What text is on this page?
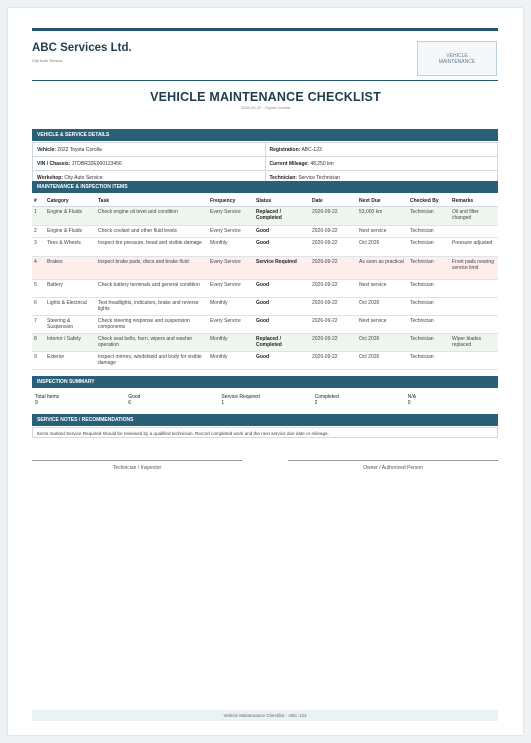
ABC Services Ltd.
City Auto Service
VEHICLE
MAINTENANCE
VEHICLE MAINTENANCE CHECKLIST
2026-09-22 · Toyota Corolla
VEHICLE & SERVICE DETAILS
Vehicle: 2022 Toyota Corolla	Registration: ABC-123
VIN / Chassis: JTDBR32E000123456	Current Mileage: 48,250 km
Workshop: City Auto Service	Technician: Service Technician
MAINTENANCE & INSPECTION ITEMS
#	Category	Task	Frequency	Status	Date	Next Due	Checked By	Remarks
1	Engine & Fluids	Check engine oil level and condition	Every Service	Replaced / Completed	2026-09-22	53,000 km	Technician	Oil and filter changed
2	Engine & Fluids	Check coolant and other fluid levels	Every Service	Good	2026-09-22	Next service	Technician	
3	Tires & Wheels	Inspect tire pressure, tread and visible damage	Monthly	Good	2026-09-22	Oct 2026	Technician	Pressure adjusted
4	Brakes	Inspect brake pads, discs and brake fluid	Every Service	Service Required	2026-09-22	As soon as practical	Technician	Front pads nearing service limit
5	Battery	Check battery terminals and general condition	Every Service	Good	2026-09-22	Next service	Technician	
6	Lights & Electrical	Test headlights, indicators, brake and reverse lights	Monthly	Good	2026-09-22	Oct 2026	Technician	
7	Steering & Suspension	Check steering response and suspension components	Every Service	Good	2026-09-22	Next service	Technician	
8	Interior / Safety	Check seat belts, horn, wipers and washer operation	Monthly	Replaced / Completed	2026-09-22	Oct 2026	Technician	Wiper blades replaced
9	Exterior	Inspect mirrors, windshield and body for visible damage	Monthly	Good	2026-09-22	Oct 2026	Technician	
INSPECTION SUMMARY
Total Items
9

Good
6

Service Required
1

Completed
2

N/A
0
SERVICE NOTES / RECOMMENDATIONS
Items marked Service Required should be reviewed by a qualified technician. Record completed work and the next service due date or mileage.
Technician / Inspector	Owner / Authorized Person
Vehicle Maintenance Checklist · ABC-123
